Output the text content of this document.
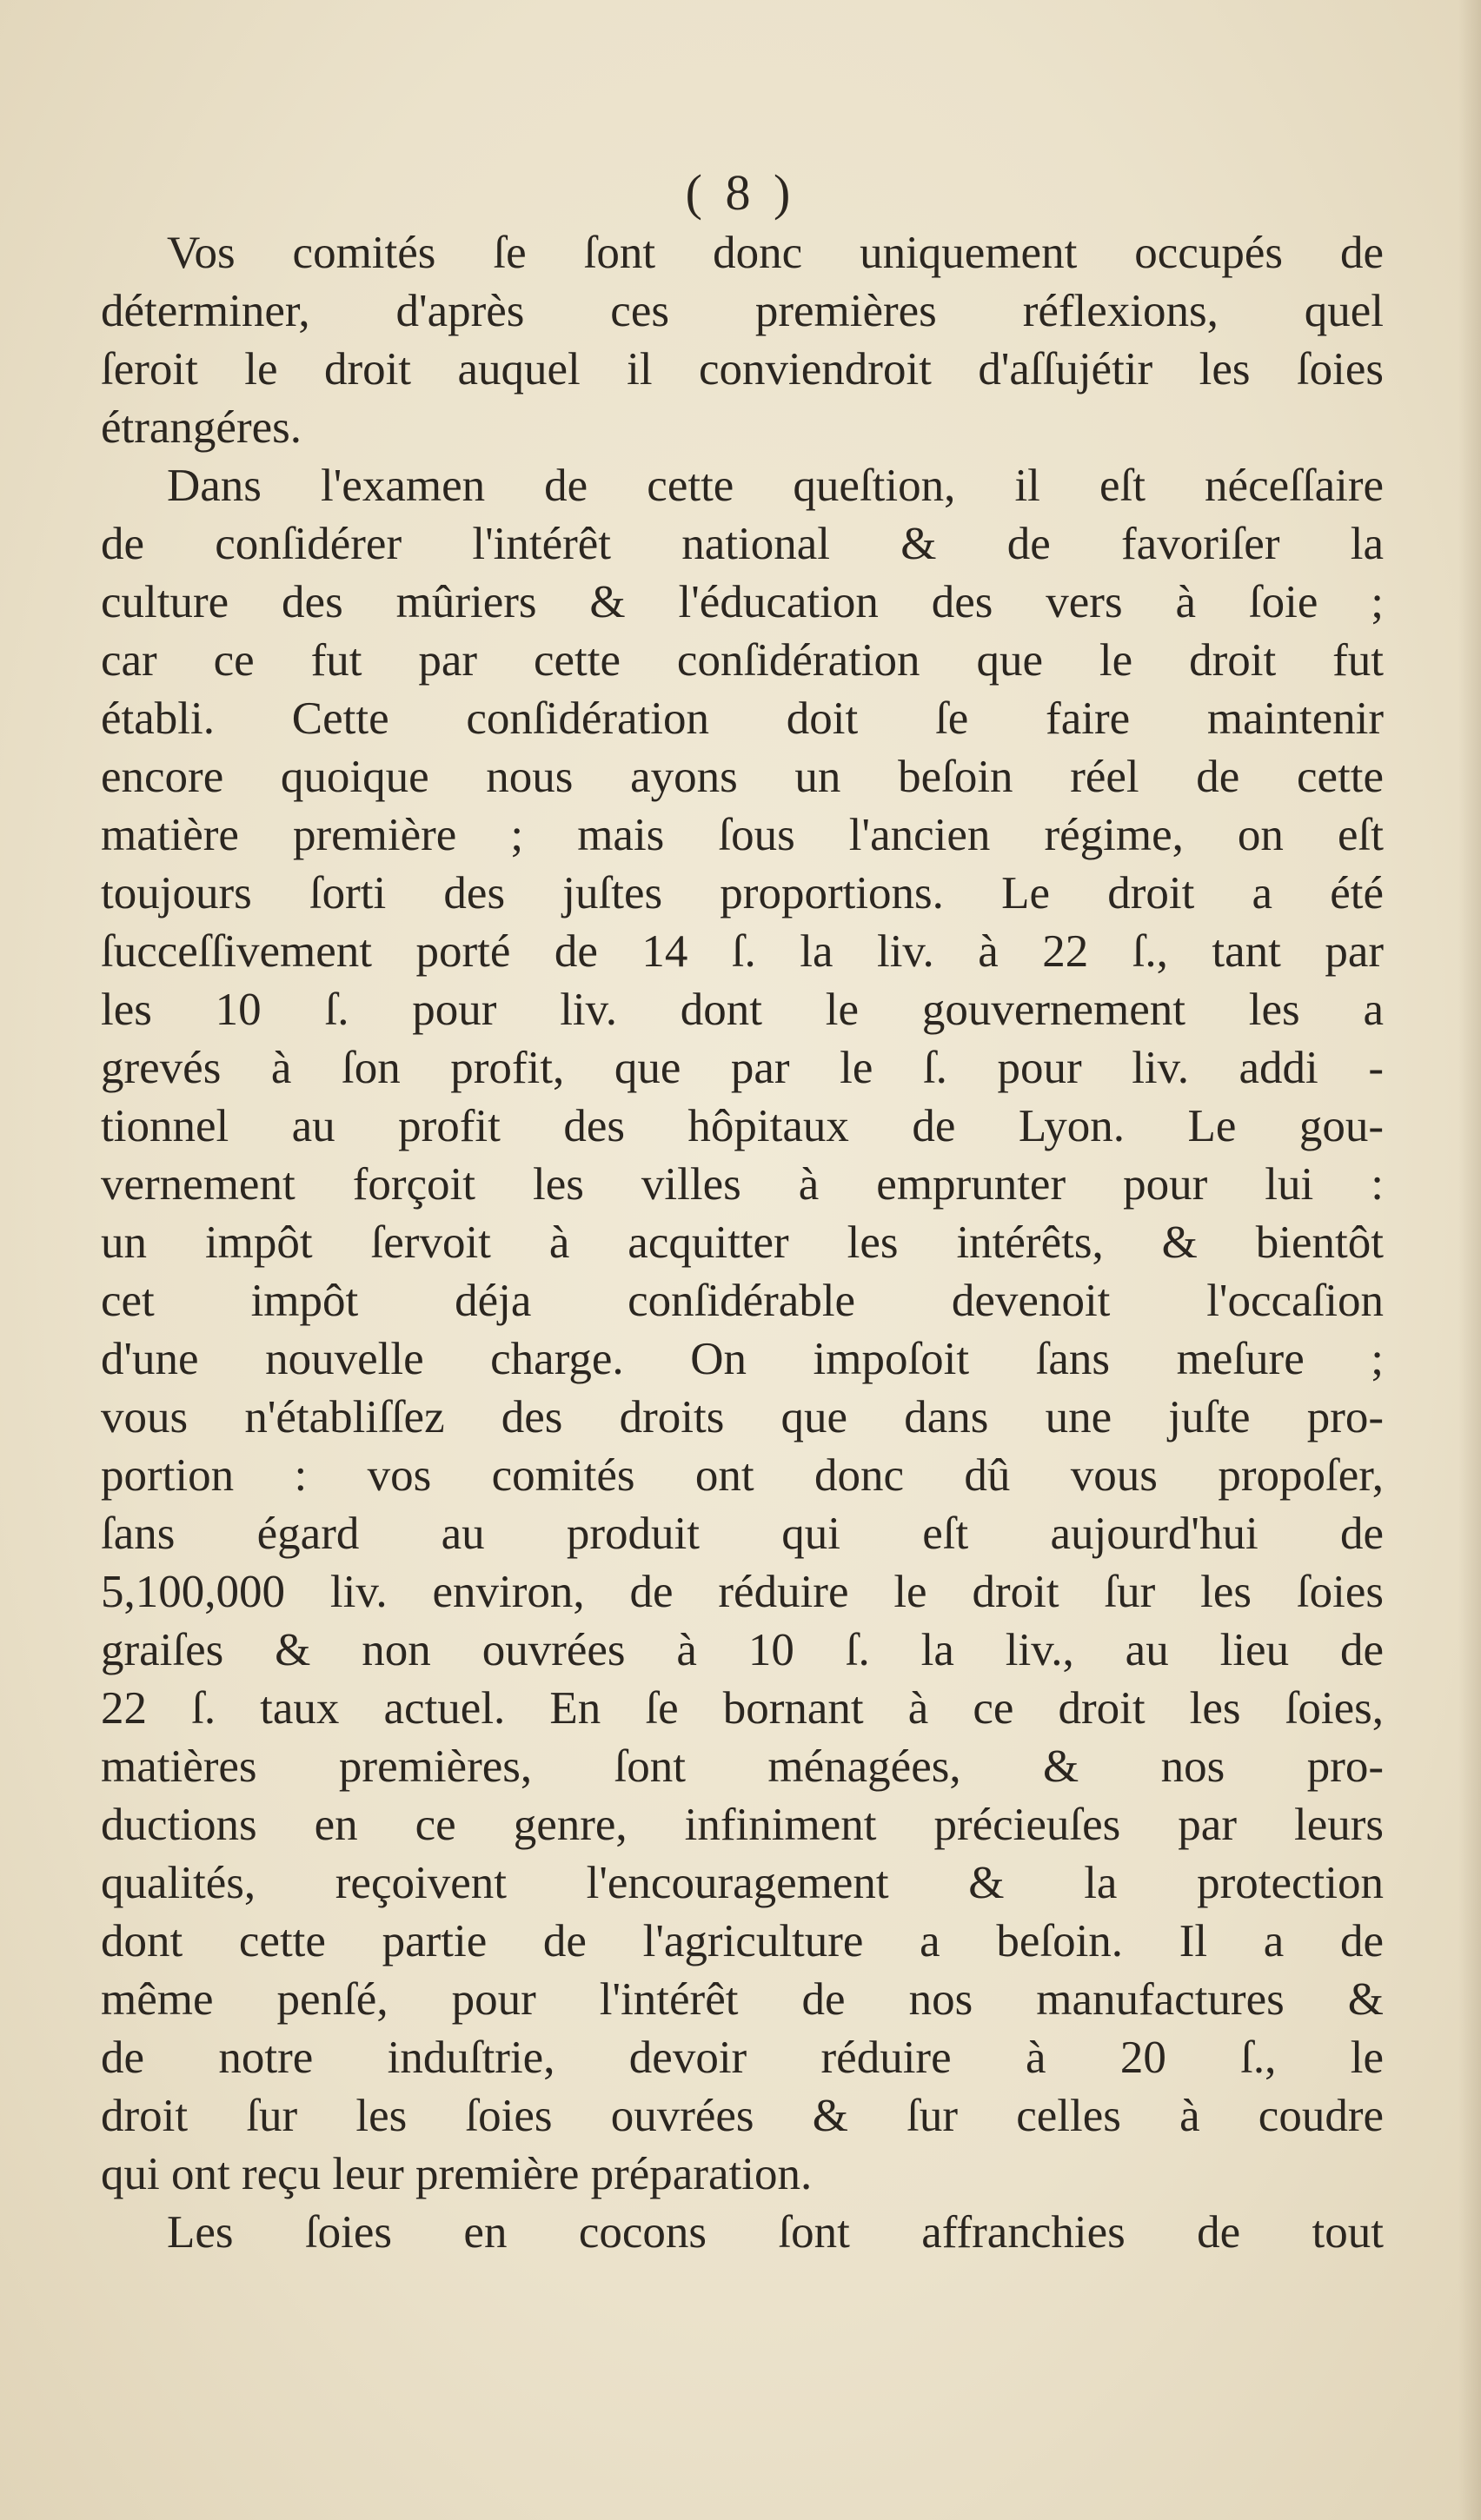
( 8 )
Vos comités ſe ſont donc uniquement occupés de
déterminer, d'après ces premières réflexions, quel
ſeroit le droit auquel il conviendroit d'aſſujétir les ſoies
étrangéres.
Dans l'examen de cette queſtion, il eſt néceſſaire
de conſidérer l'intérêt national & de favoriſer la
culture des mûriers & l'éducation des vers à ſoie ;
car ce fut par cette conſidération que le droit fut
établi. Cette conſidération doit ſe faire maintenir
encore quoique nous ayons un beſoin réel de cette
matière première ; mais ſous l'ancien régime, on eſt
toujours ſorti des juſtes proportions. Le droit a été
ſucceſſivement porté de 14 ſ. la liv. à 22 ſ., tant par
les 10 ſ. pour liv. dont le gouvernement les a
grevés à ſon profit, que par le ſ. pour liv. addi -
tionnel au profit des hôpitaux de Lyon. Le gou-
vernement forçoit les villes à emprunter pour lui :
un impôt ſervoit à acquitter les intérêts, & bientôt
cet impôt déja conſidérable devenoit l'occaſion
d'une nouvelle charge. On impoſoit ſans meſure ;
vous n'établiſſez des droits que dans une juſte pro-
portion : vos comités ont donc dû vous propoſer,
ſans égard au produit qui eſt aujourd'hui de
5,100,000 liv. environ, de réduire le droit ſur les ſoies
graiſes & non ouvrées à 10 ſ. la liv., au lieu de
22 ſ. taux actuel. En ſe bornant à ce droit les ſoies,
matières premières, ſont ménagées, & nos pro-
ductions en ce genre, infiniment précieuſes par leurs
qualités, reçoivent l'encouragement & la protection
dont cette partie de l'agriculture a beſoin. Il a de
même penſé, pour l'intérêt de nos manufactures &
de notre induſtrie, devoir réduire à 20 ſ., le
droit ſur les ſoies ouvrées & ſur celles à coudre
qui ont reçu leur première préparation.
Les ſoies en cocons ſont affranchies de tout
